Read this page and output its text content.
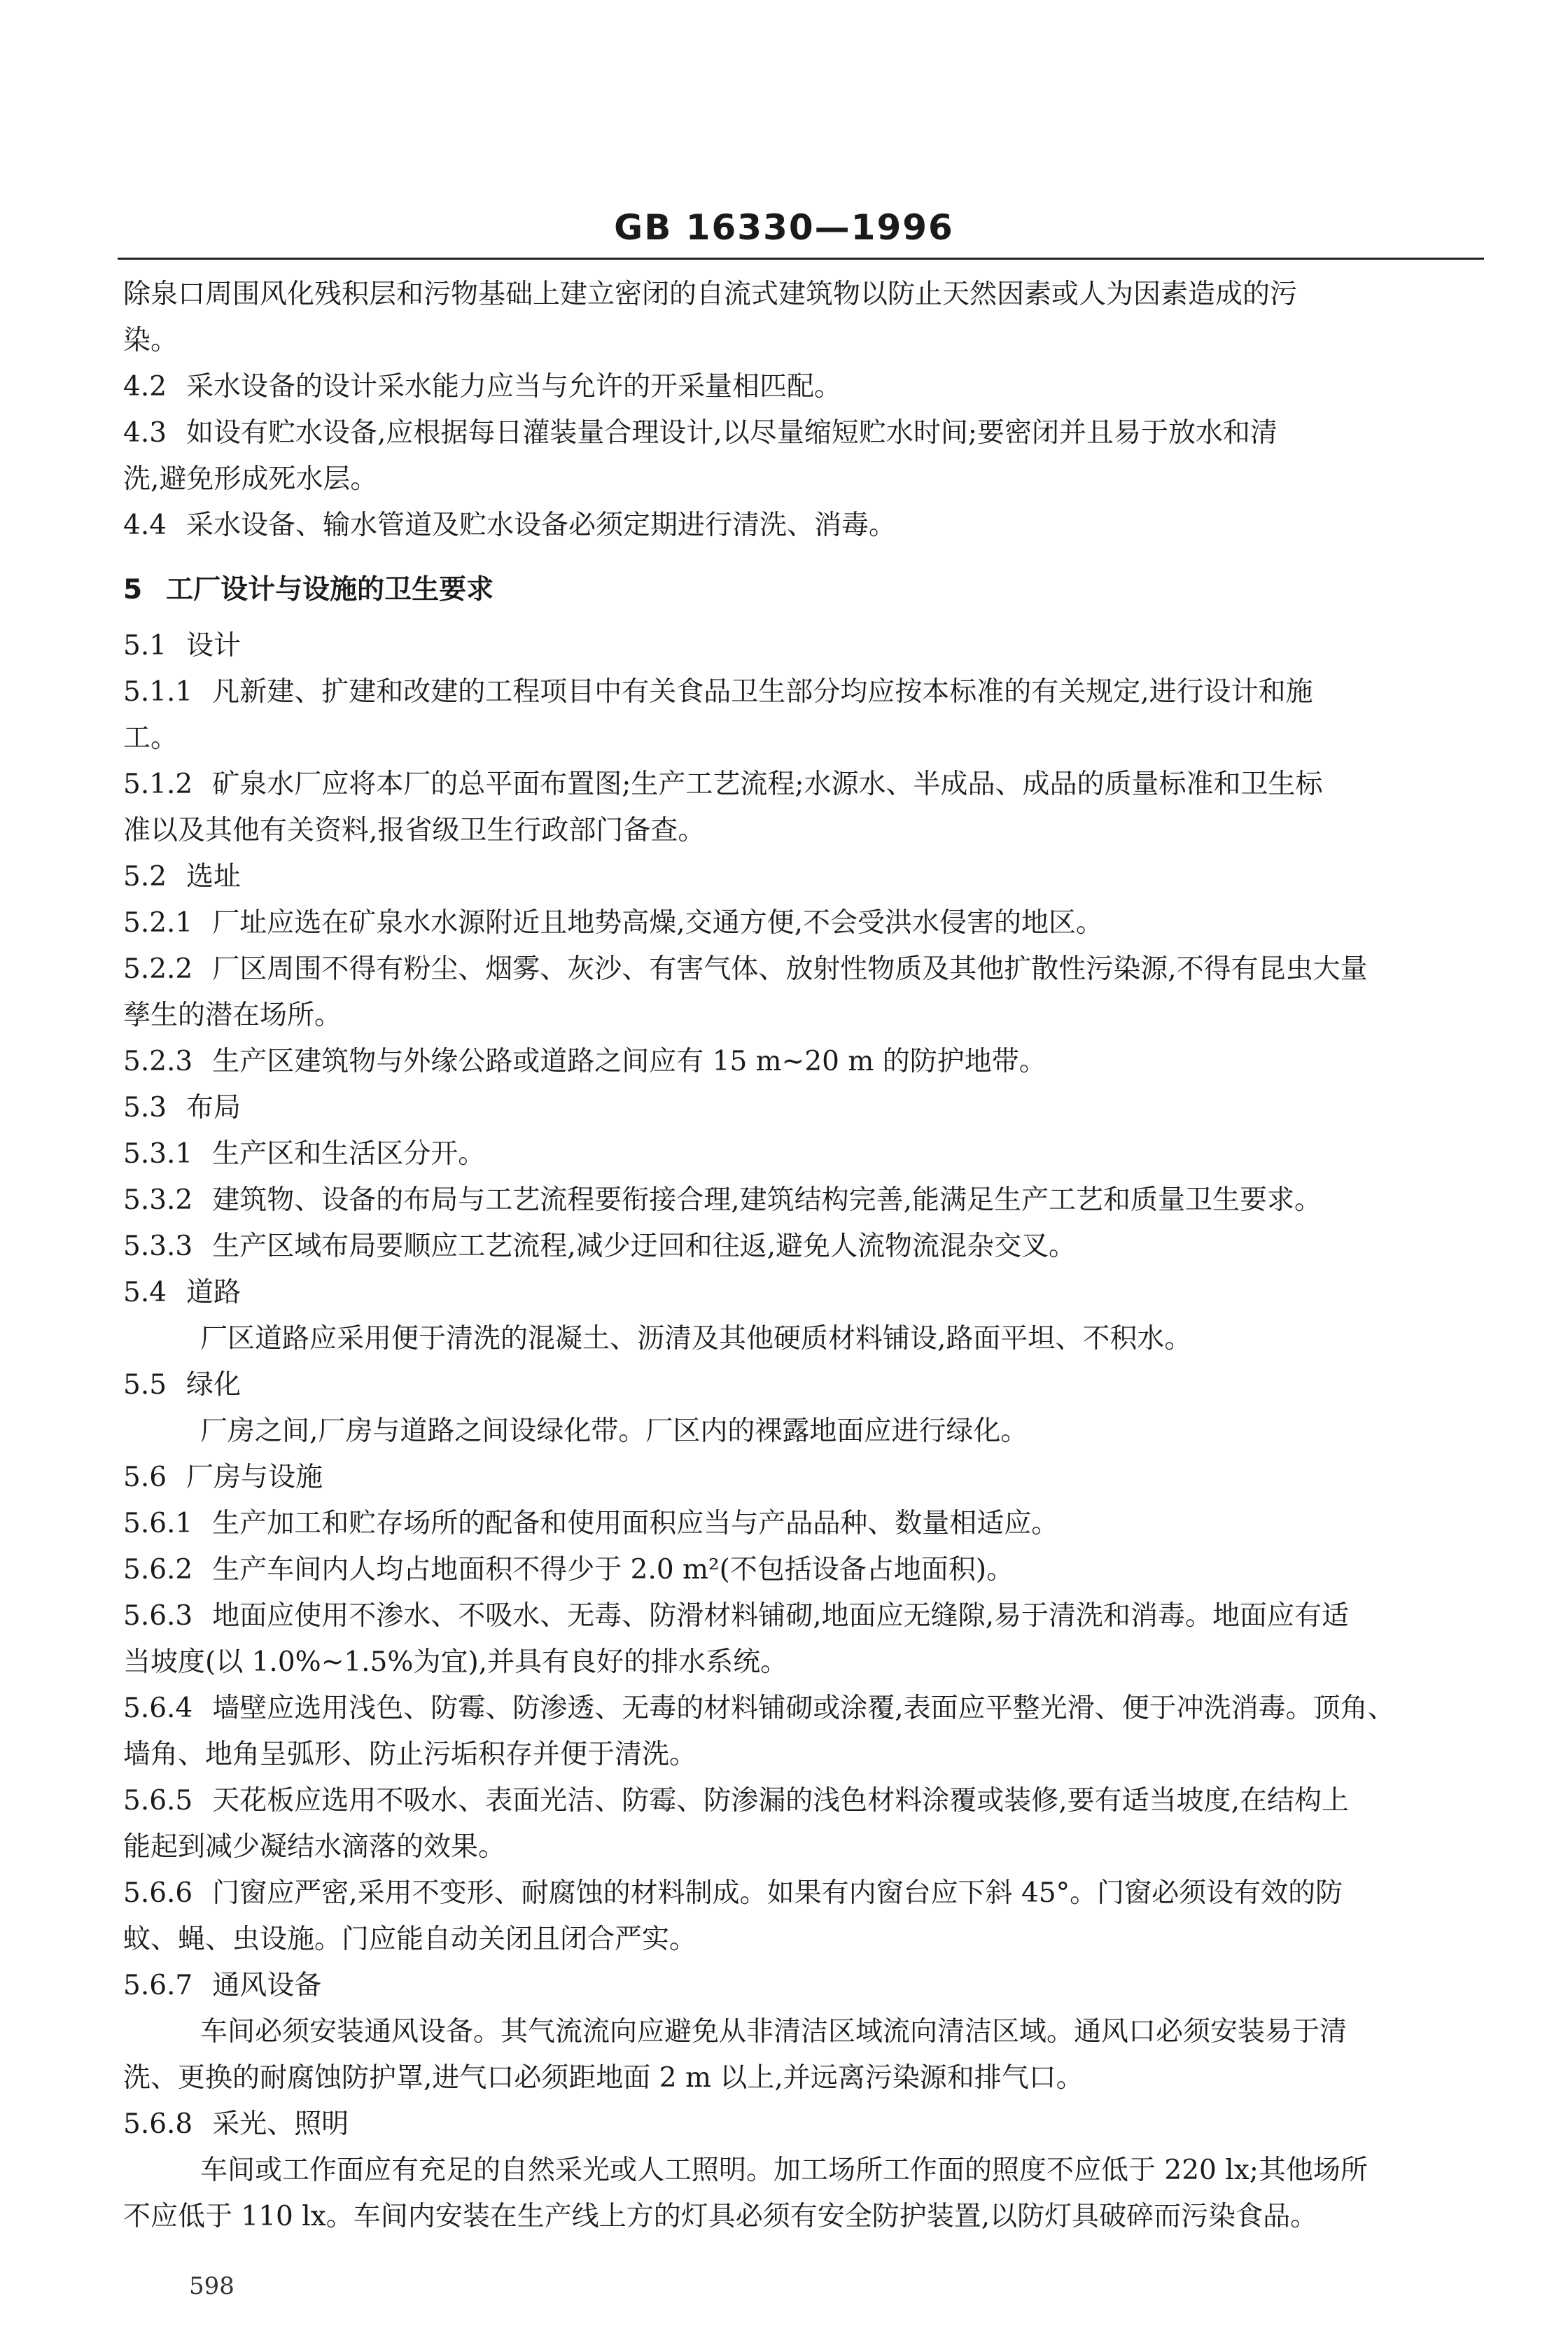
GB 16330—1996

除泉口周围风化残积层和污物基础上建立密闭的自流式建筑物以防止天然因素或人为因素造成的污

染。

4.2 采水设备的设计采水能力应当与允许的开采量相匹配。

4.3 如设有贮水设备,应根据每日灌装量合理设计,以尽量缩短贮水时间;要密闭并且易于放水和清

洗,避免形成死水层。

4.4 采水设备、输水管道及贮水设备必须定期进行清洗、消毒。

5 工厂设计与设施的卫生要求

5.1 设计

5.1.1 凡新建、扩建和改建的工程项目中有关食品卫生部分均应按本标准的有关规定,进行设计和施

工。

5.1.2 矿泉水厂应将本厂的总平面布置图;生产工艺流程;水源水、半成品、成品的质量标准和卫生标

准以及其他有关资料,报省级卫生行政部门备查。

5.2 选址

5.2.1 厂址应选在矿泉水水源附近且地势高燥,交通方便,不会受洪水侵害的地区。

5.2.2 厂区周围不得有粉尘、烟雾、灰沙、有害气体、放射性物质及其他扩散性污染源,不得有昆虫大量

孳生的潜在场所。

5.2.3 生产区建筑物与外缘公路或道路之间应有 15 m~20 m 的防护地带。

5.3 布局

5.3.1 生产区和生活区分开。

5.3.2 建筑物、设备的布局与工艺流程要衔接合理,建筑结构完善,能满足生产工艺和质量卫生要求。

5.3.3 生产区域布局要顺应工艺流程,减少迂回和往返,避免人流物流混杂交叉。

5.4 道路

厂区道路应采用便于清洗的混凝土、沥清及其他硬质材料铺设,路面平坦、不积水。

5.5 绿化

厂房之间,厂房与道路之间设绿化带。厂区内的裸露地面应进行绿化。

5.6 厂房与设施

5.6.1 生产加工和贮存场所的配备和使用面积应当与产品品种、数量相适应。

5.6.2 生产车间内人均占地面积不得少于 2.0 m²(不包括设备占地面积)。

5.6.3 地面应使用不渗水、不吸水、无毒、防滑材料铺砌,地面应无缝隙,易于清洗和消毒。地面应有适

当坡度(以 1.0%~1.5%为宜),并具有良好的排水系统。

5.6.4 墙壁应选用浅色、防霉、防渗透、无毒的材料铺砌或涂覆,表面应平整光滑、便于冲洗消毒。顶角、

墙角、地角呈弧形、防止污垢积存并便于清洗。

5.6.5 天花板应选用不吸水、表面光洁、防霉、防渗漏的浅色材料涂覆或装修,要有适当坡度,在结构上

能起到减少凝结水滴落的效果。

5.6.6 门窗应严密,采用不变形、耐腐蚀的材料制成。如果有内窗台应下斜 45°。门窗必须设有效的防

蚊、蝇、虫设施。门应能自动关闭且闭合严实。

5.6.7 通风设备

车间必须安装通风设备。其气流流向应避免从非清洁区域流向清洁区域。通风口必须安装易于清

洗、更换的耐腐蚀防护罩,进气口必须距地面 2 m 以上,并远离污染源和排气口。

5.6.8 采光、照明

车间或工作面应有充足的自然采光或人工照明。加工场所工作面的照度不应低于 220 lx;其他场所

不应低于 110 lx。车间内安装在生产线上方的灯具必须有安全防护装置,以防灯具破碎而污染食品。

598
